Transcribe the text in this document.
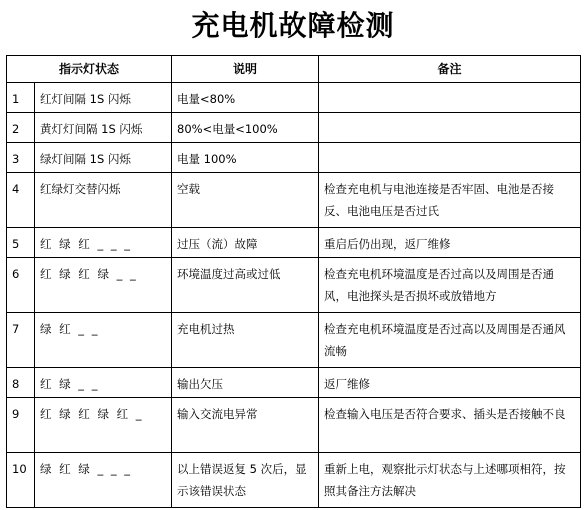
充电机故障检测
指示灯状态		说明	备注
1	红灯间隔 1S 闪烁	电量<80%	
2	黄灯灯间隔 1S 闪烁	80%<电量<100%	
3	绿灯间隔 1S 闪烁	电量 100%	
4	红绿灯交替闪烁	空载	检查充电机与电池连接是否牢固、电池是否接反、电池电压是否过氏
5	红 绿 红 _ _ _	过压（流）故障	重启后仍出现，返厂维修
6	红 绿 红 绿 _ _	环境温度过高或过低	检查充电机环境温度是否过高以及周围是否通风，电池探头是否损坏或放错地方
7	绿 红 _ _	充电机过热	检查充电机环境温度是否过高以及周围是否通风流畅
8	红 绿 _ _	输出欠压	返厂维修
9	红 绿 红 绿 红 _	输入交流电异常	检查输入电压是否符合要求、插头是否接触不良
10	绿 红 绿 _ _ _	以上错误返复 5 次后，显示该错误状态	重新上电，观察批示灯状态与上述哪项相符，按照其备注方法解决
